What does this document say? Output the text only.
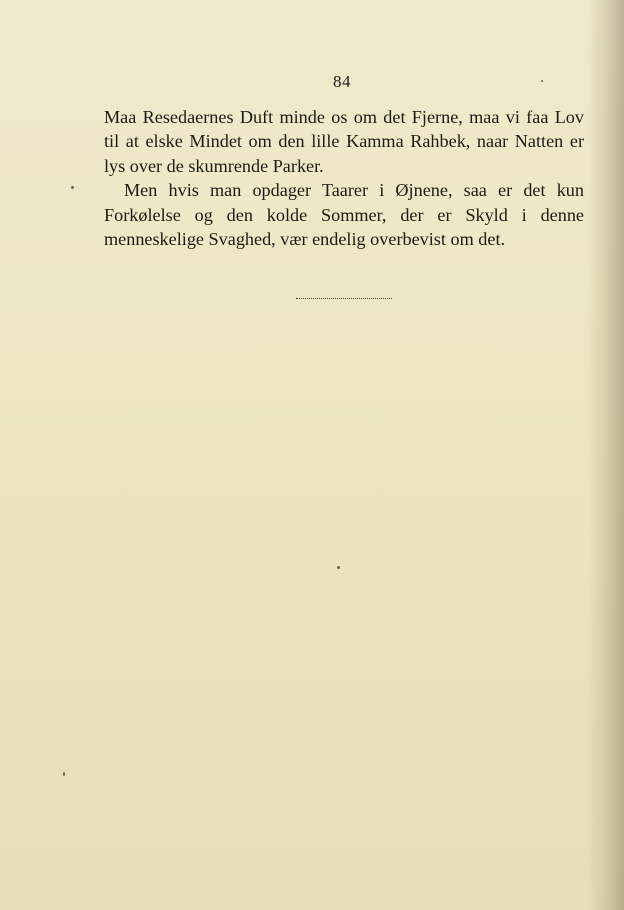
84

Maa Resedaernes Duft minde os om det Fjerne, maa vi faa Lov til at elske Mindet om den lille Kamma Rahbek, naar Natten er lys over de skumrende Parker.

Men hvis man opdager Taarer i Øjnene, saa er det kun Forkølelse og den kolde Sommer, der er Skyld i denne menneskelige Svaghed, vær endelig overbevist om det.
